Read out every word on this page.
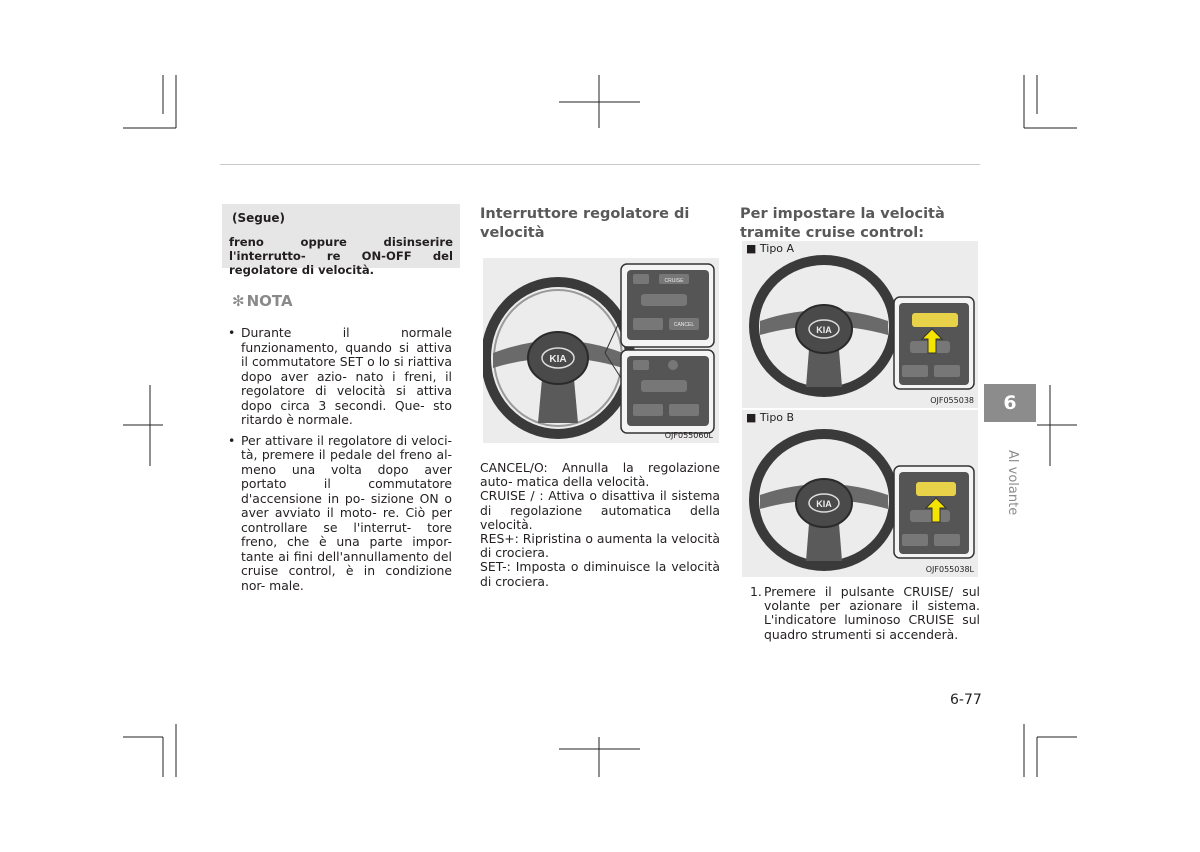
(Segue)
freno oppure disinserire l'interrutto- re ON-OFF del regolatore di velocità.
✻ NOTA
• Durante il normale funzionamento, quando si attiva il commutatore SET o lo si riattiva dopo aver azio- nato i freni, il regolatore di velocità si attiva dopo circa 3 secondi. Que- sto ritardo è normale.
• Per attivare il regolatore di veloci- tà, premere il pedale del freno al- meno una volta dopo aver portato il commutatore d'accensione in po- sizione ON o aver avviato il moto- re. Ciò per controllare se l'interrut- tore freno, che è una parte impor- tante ai fini dell'annullamento del cruise control, è in condizione nor- male.
Interruttore regolatore di velocità
KIA
CRUISE
CANCEL
OJF055060L

CANCEL/O: Annulla la regolazione auto- matica della velocità.

CRUISE / : Attiva o disattiva il sistema di regolazione automatica della velocità.

RES+: Ripristina o aumenta la velocità di crociera.

SET-: Imposta o diminuisce la velocità di crociera.

Per impostare la velocità tramite cruise control:
■ Tipo A
KIA
OJF055038
■ Tipo B
KIA
OJF055038L
1. Premere il pulsante CRUISE/ sul volante per azionare il sistema. L'indicatore luminoso CRUISE sul quadro strumenti si accenderà.
6
Al volante
6-77
